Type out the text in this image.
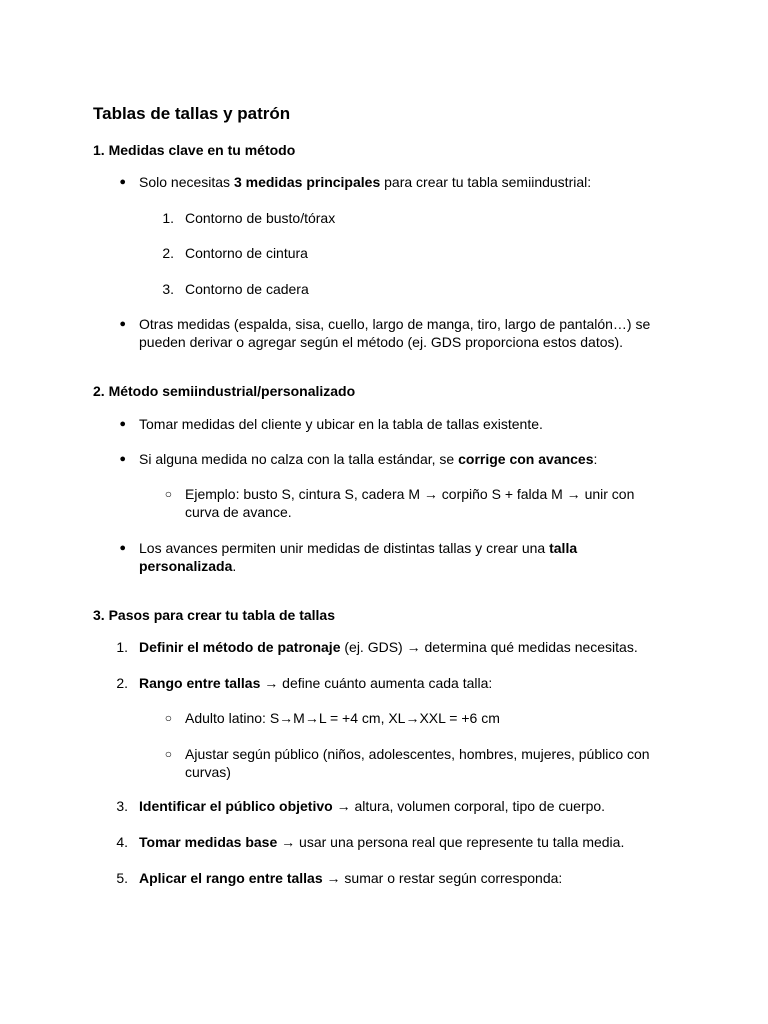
Tablas de tallas y patrón
1. Medidas clave en tu método
● Solo necesitas 3 medidas principales para crear tu tabla semiindustrial:
1. Contorno de busto/tórax
2. Contorno de cintura
3. Contorno de cadera
● Otras medidas (espalda, sisa, cuello, largo de manga, tiro, largo de pantalón…) se
pueden derivar o agregar según el método (ej. GDS proporciona estos datos).
2. Método semiindustrial/personalizado
● Tomar medidas del cliente y ubicar en la tabla de tallas existente.
● Si alguna medida no calza con la talla estándar, se corrige con avances:
○ Ejemplo: busto S, cintura S, cadera M → corpiño S + falda M → unir con
curva de avance.
● Los avances permiten unir medidas de distintas tallas y crear una talla
personalizada.
3. Pasos para crear tu tabla de tallas
1. Definir el método de patronaje (ej. GDS) → determina qué medidas necesitas.
2. Rango entre tallas → define cuánto aumenta cada talla:
○ Adulto latino: S→M→L = +4 cm, XL→XXL = +6 cm
○ Ajustar según público (niños, adolescentes, hombres, mujeres, público con
curvas)
3. Identificar el público objetivo → altura, volumen corporal, tipo de cuerpo.
4. Tomar medidas base → usar una persona real que represente tu talla media.
5. Aplicar el rango entre tallas → sumar o restar según corresponda:
